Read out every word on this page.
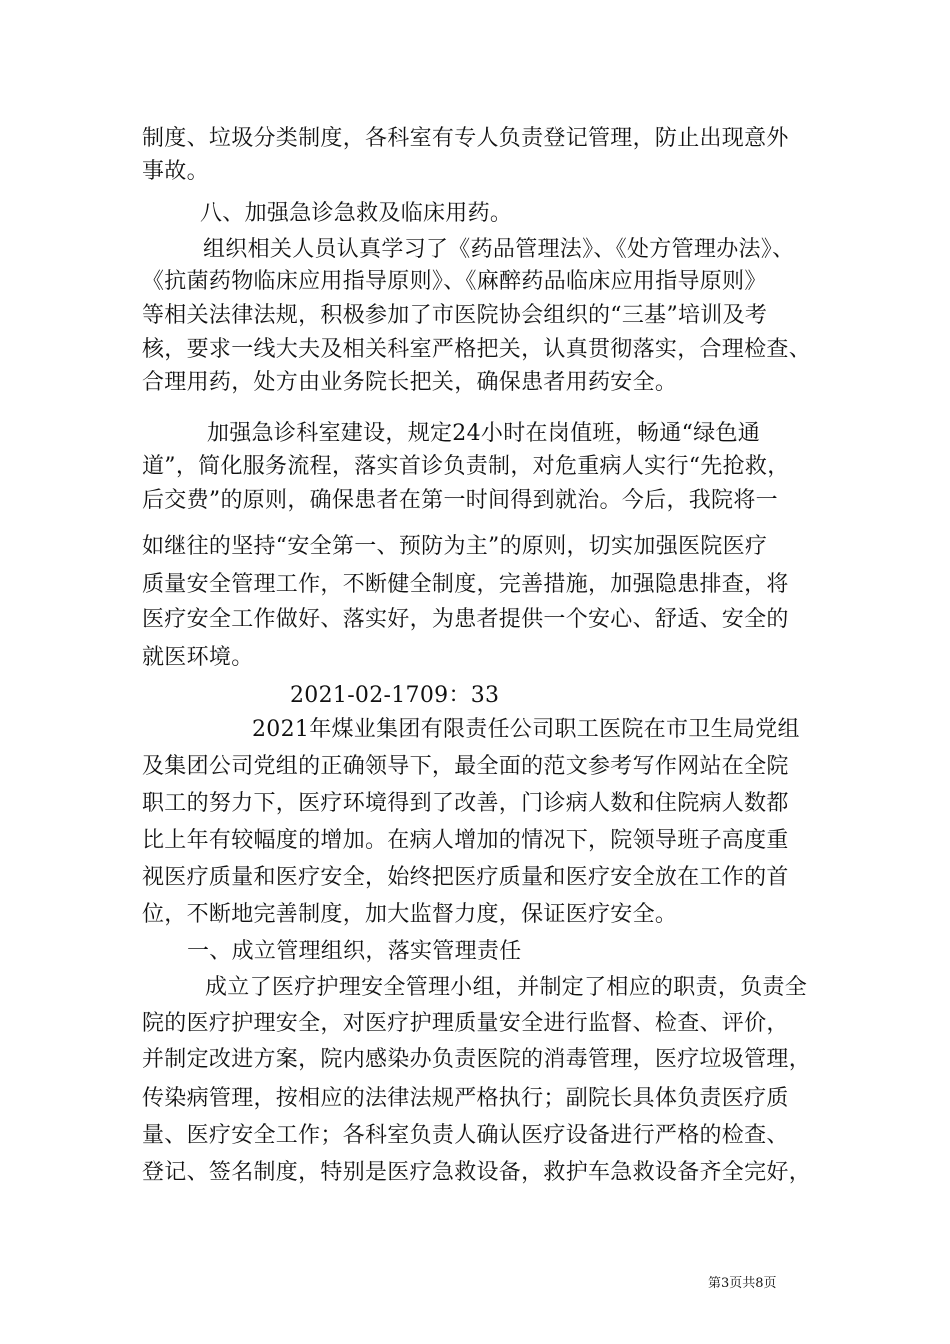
制度、垃圾分类制度，各科室有专人负责登记管理，防止出现意外
事故。
八、加强急诊急救及临床用药。
组织相关人员认真学习了《药品管理法》、《处方管理办法》、
《抗菌药物临床应用指导原则》、《麻醉药品临床应用指导原则》
等相关法律法规，积极参加了市医院协会组织的“三基”培训及考
核，要求一线大夫及相关科室严格把关，认真贯彻落实，合理检查、
合理用药，处方由业务院长把关，确保患者用药安全。
加强急诊科室建设，规定24小时在岗值班，畅通“绿色通
道”，简化服务流程，落实首诊负责制，对危重病人实行“先抢救，
后交费”的原则，确保患者在第一时间得到就治。今后，我院将一
如继往的坚持“安全第一、预防为主”的原则，切实加强医院医疗
质量安全管理工作，不断健全制度，完善措施，加强隐患排查，将
医疗安全工作做好、落实好，为患者提供一个安心、舒适、安全的
就医环境。
2021-02-1709：33
2021年煤业集团有限责任公司职工医院在市卫生局党组
及集团公司党组的正确领导下，最全面的范文参考写作网站在全院
职工的努力下，医疗环境得到了改善，门诊病人数和住院病人数都
比上年有较幅度的增加。在病人增加的情况下，院领导班子高度重
视医疗质量和医疗安全，始终把医疗质量和医疗安全放在工作的首
位，不断地完善制度，加大监督力度，保证医疗安全。
一、成立管理组织，落实管理责任
成立了医疗护理安全管理小组，并制定了相应的职责，负责全
院的医疗护理安全，对医疗护理质量安全进行监督、检查、评价，
并制定改进方案，院内感染办负责医院的消毒管理，医疗垃圾管理，
传染病管理，按相应的法律法规严格执行；副院长具体负责医疗质
量、医疗安全工作；各科室负责人确认医疗设备进行严格的检查、
登记、签名制度，特别是医疗急救设备，救护车急救设备齐全完好，
第3页共8页
